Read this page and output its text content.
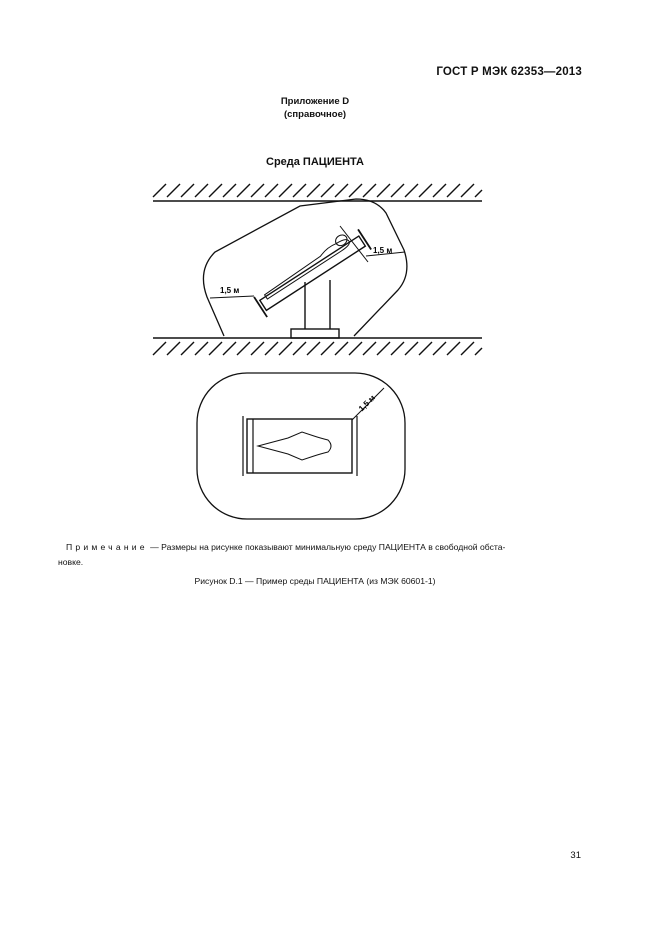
ГОСТ Р МЭК 62353—2013
Приложение D
(справочное)
Среда ПАЦИЕНТА
1,5 м
1,5 м
1,5 м
Примечание — Размеры на рисунке показывают минимальную среду ПАЦИЕНТА в свободной обста-
новке.
Рисунок D.1 — Пример среды ПАЦИЕНТА (из МЭК 60601-1)
31
